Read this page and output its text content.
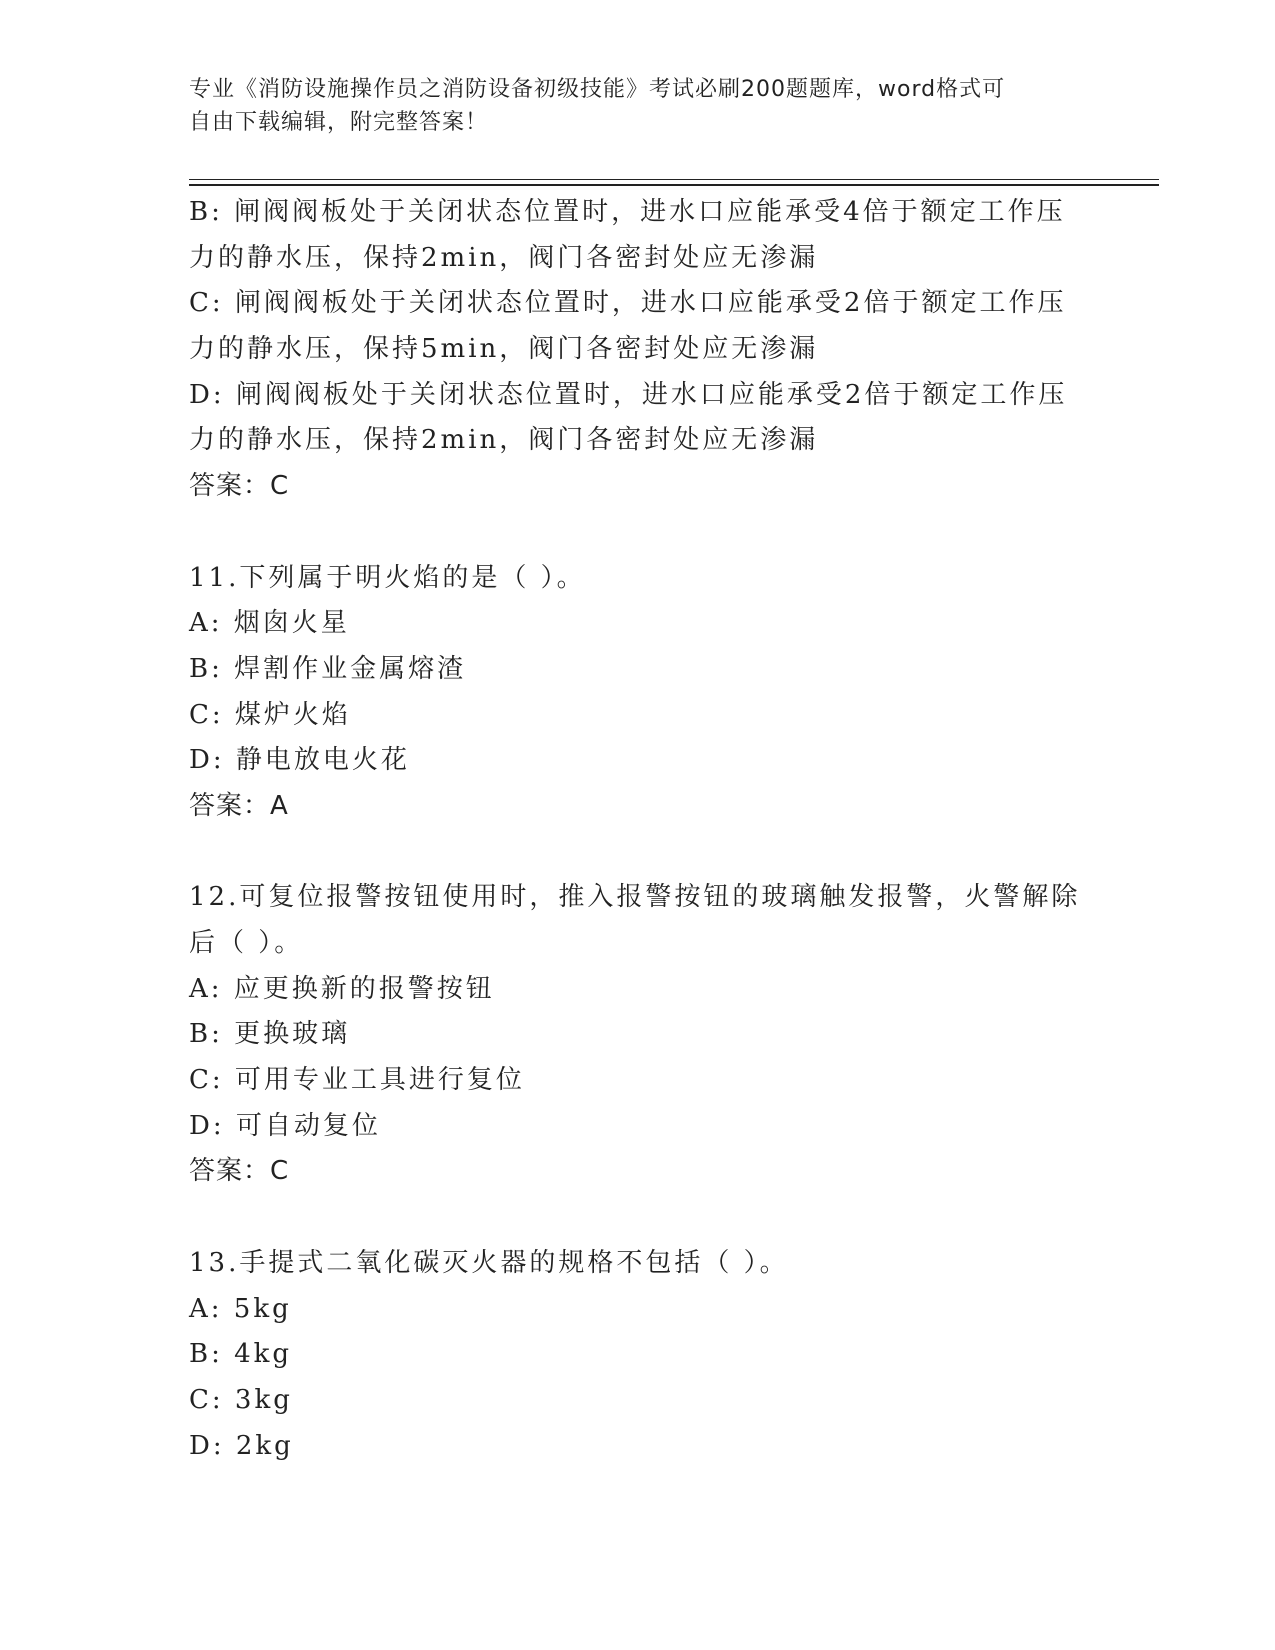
专业《消防设施操作员之消防设备初级技能》考试必刷200题题库，word格式可
自由下载编辑，附完整答案！
B: 闸阀阀板处于关闭状态位置时，进水口应能承受4倍于额定工作压
力的静水压，保持2min，阀门各密封处应无渗漏
C: 闸阀阀板处于关闭状态位置时，进水口应能承受2倍于额定工作压
力的静水压，保持5min，阀门各密封处应无渗漏
D: 闸阀阀板处于关闭状态位置时，进水口应能承受2倍于额定工作压
力的静水压，保持2min，阀门各密封处应无渗漏
答案：C
11.下列属于明火焰的是（ ）。
A: 烟囱火星
B: 焊割作业金属熔渣
C: 煤炉火焰
D: 静电放电火花
答案：A
12.可复位报警按钮使用时，推入报警按钮的玻璃触发报警，火警解除
后（ ）。
A: 应更换新的报警按钮
B: 更换玻璃
C: 可用专业工具进行复位
D: 可自动复位
答案：C
13.手提式二氧化碳灭火器的规格不包括（ ）。
A: 5kg
B: 4kg
C: 3kg
D: 2kg
